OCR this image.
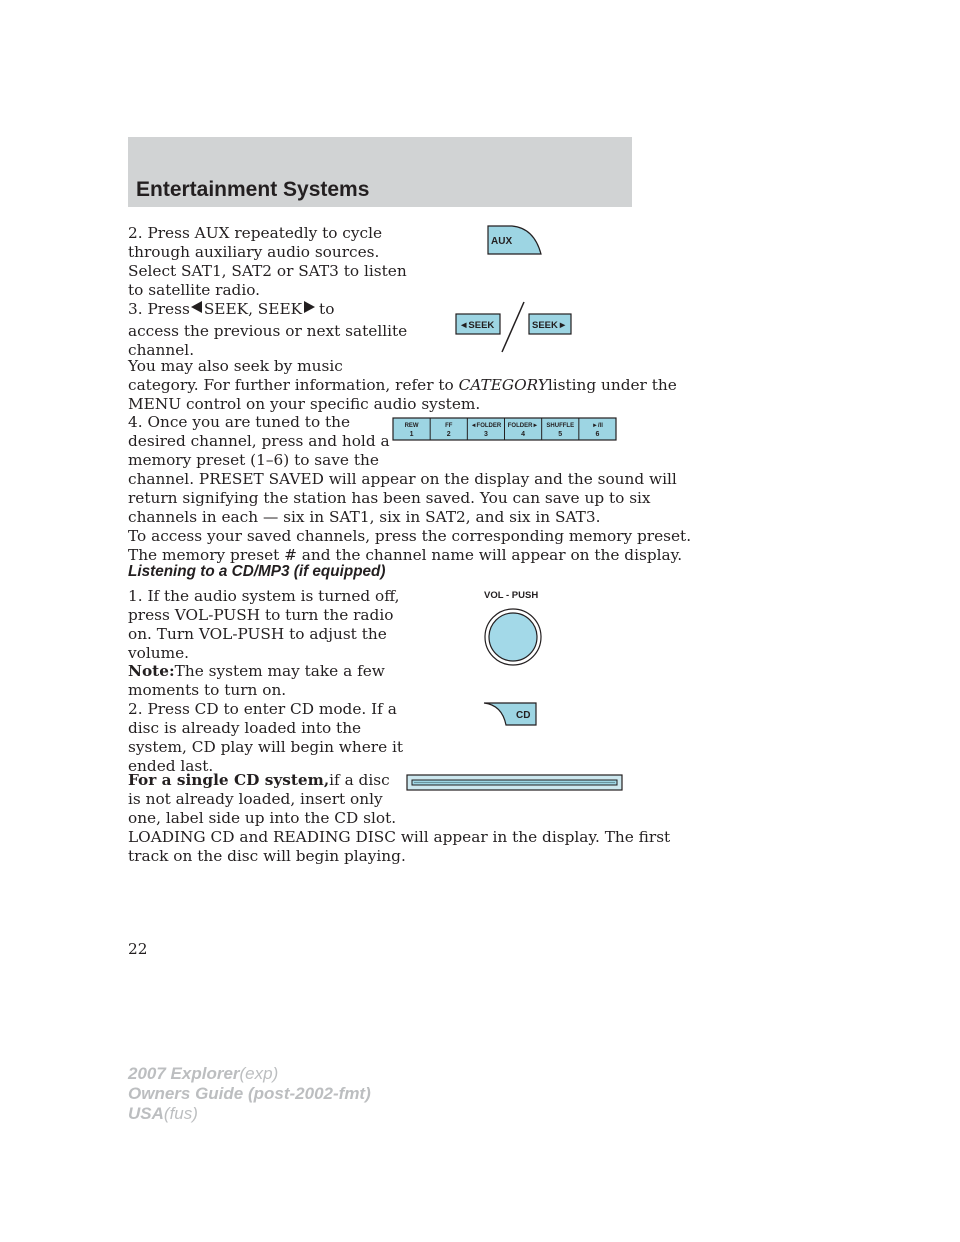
Entertainment Systems

2. Press AUX repeatedly to cycle

through auxiliary audio sources.

Select SAT1, SAT2 or SAT3 to listen

to satellite radio.

AUX

3. Press SEEK, SEEK to

access the previous or next satellite

channel.

◄SEEK	SEEK►

You may also seek by music

category. For further information, refer to CATEGORYlisting under the

MENU control on your specific audio system.

4. Once you are tuned to the

desired channel, press and hold a

memory preset (1–6) to save the

channel. PRESET SAVED will appear on the display and the sound will

return signifying the station has been saved. You can save up to six

channels in each — six in SAT1, six in SAT2, and six in SAT3.

REW
1
FF
2
◄FOLDER
3
FOLDER►
4
SHUFFLE
5
►/II
6

To access your saved channels, press the corresponding memory preset.

The memory preset # and the channel name will appear on the display.

Listening to a CD/MP3 (if equipped)

1. If the audio system is turned off,

press VOL-PUSH to turn the radio

on. Turn VOL-PUSH to adjust the

volume.

VOL - PUSH

Note:The system may take a few

moments to turn on.

2. Press CD to enter CD mode. If a

disc is already loaded into the

system, CD play will begin where it

ended last.

CD

For a single CD system,if a disc

is not already loaded, insert only

one, label side up into the CD slot.

LOADING CD and READING DISC will appear in the display. The first

track on the disc will begin playing.

22
2007 Explorer(exp)
Owners Guide (post-2002-fmt)
USA(fus)
